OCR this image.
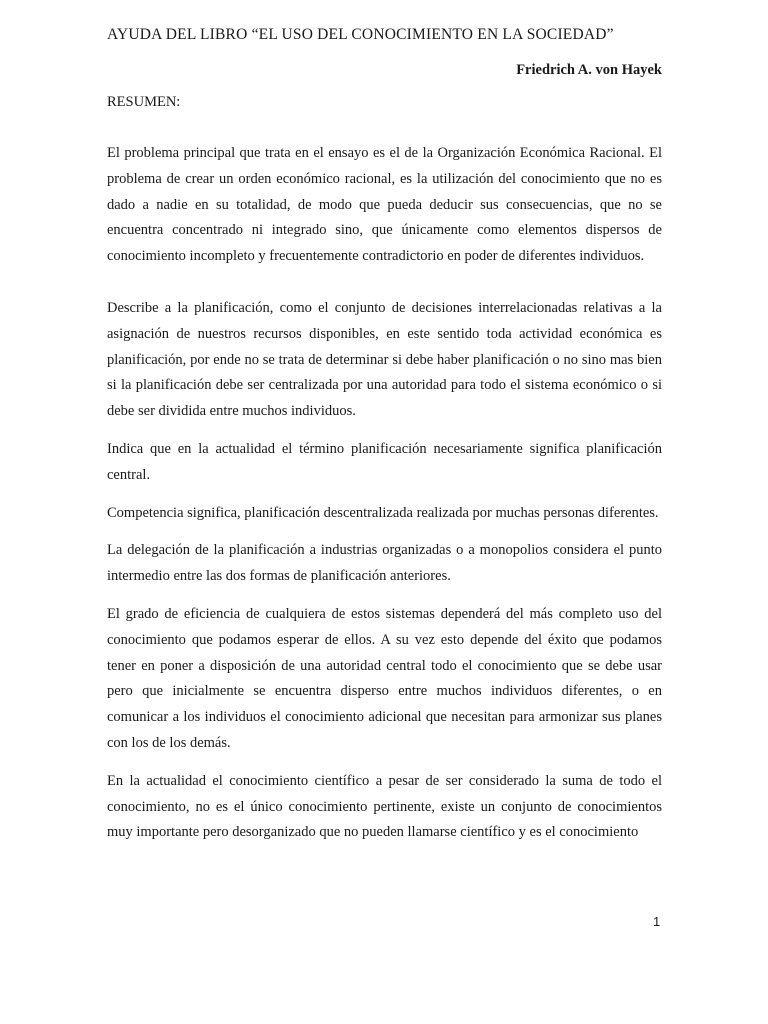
AYUDA DEL LIBRO “EL USO DEL CONOCIMIENTO EN LA SOCIEDAD”
Friedrich A. von Hayek
RESUMEN:

El problema principal que trata en el ensayo es el de la Organización Económica Racional. El problema de crear un orden económico racional, es la utilización del conocimiento que no es dado a nadie en su totalidad, de modo que pueda deducir sus consecuencias, que no se encuentra concentrado ni integrado sino, que únicamente como elementos dispersos de conocimiento incompleto y frecuentemente contradictorio en poder de diferentes individuos.

Describe a la planificación, como el conjunto de decisiones interrelacionadas relativas a la asignación de nuestros recursos disponibles, en este sentido toda actividad económica es planificación, por ende no se trata de determinar si debe haber planificación o no sino mas bien si la planificación debe ser centralizada por una autoridad para todo el sistema económico o si debe ser dividida entre muchos individuos.

Indica que en la actualidad el término planificación necesariamente significa planificación central.

Competencia significa, planificación descentralizada realizada por muchas personas diferentes.

La delegación de la planificación a industrias organizadas o a monopolios considera el punto intermedio entre las dos formas de planificación anteriores.

El grado de eficiencia de cualquiera de estos sistemas dependerá del más completo uso del conocimiento que podamos esperar de ellos. A su vez esto depende del éxito que podamos tener en poner a disposición de una autoridad central todo el conocimiento que se debe usar pero que inicialmente se encuentra disperso entre muchos individuos diferentes, o en comunicar a los individuos el conocimiento adicional que necesitan para armonizar sus planes con los de los demás.

En la actualidad el conocimiento científico a pesar de ser considerado la suma de todo el conocimiento, no es el único conocimiento pertinente, existe un conjunto de conocimientos muy importante pero desorganizado que no pueden llamarse científico y es el conocimiento

1
